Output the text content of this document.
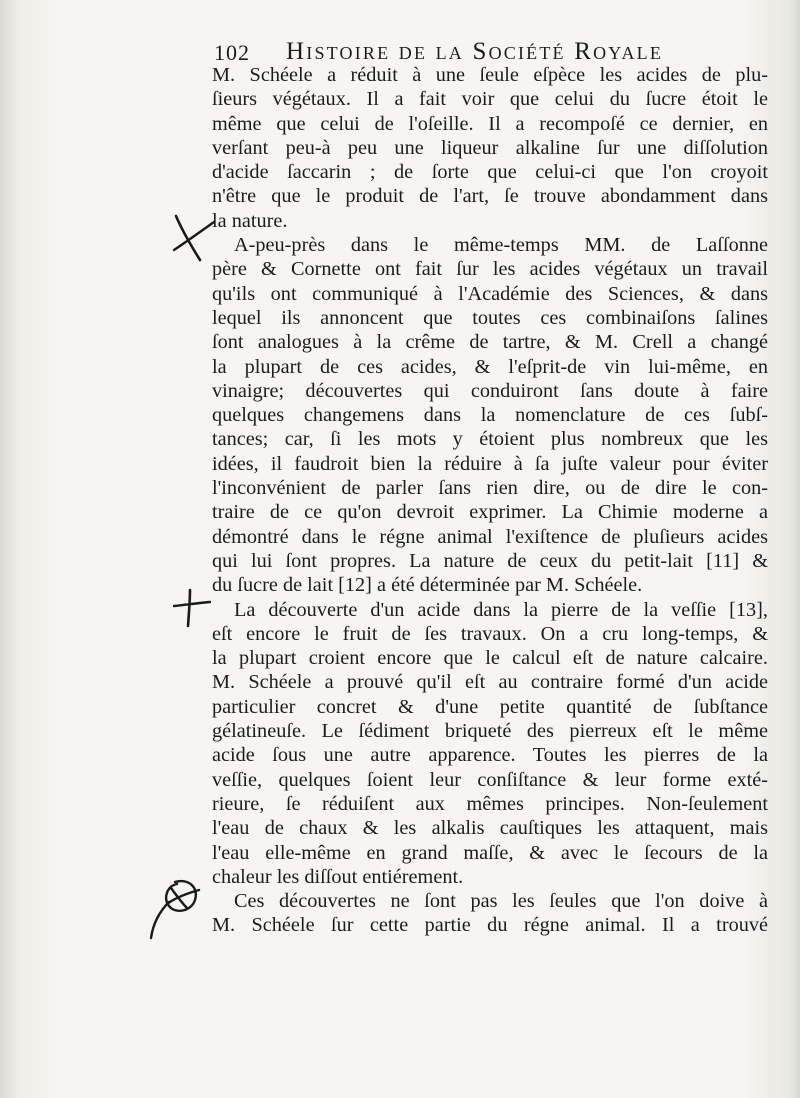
102 Histoire de la Société Royale
M. Schéele a réduit à une ſeule eſpèce les acides de plu-
ſieurs végétaux. Il a fait voir que celui du ſucre étoit le
même que celui de l'oſeille. Il a recompoſé ce dernier, en
verſant peu-à peu une liqueur alkaline ſur une diſſolution
d'acide ſaccarin ; de ſorte que celui-ci que l'on croyoit
n'être que le produit de l'art, ſe trouve abondamment dans
la nature.
A-peu-près dans le même-temps MM. de Laſſonne
père & Cornette ont fait ſur les acides végétaux un travail
qu'ils ont communiqué à l'Académie des Sciences, & dans
lequel ils annoncent que toutes ces combinaiſons ſalines
ſont analogues à la crême de tartre, & M. Crell a changé
la plupart de ces acides, & l'eſprit-de vin lui-même, en
vinaigre; découvertes qui conduiront ſans doute à faire
quelques changemens dans la nomenclature de ces ſubſ-
tances; car, ſi les mots y étoient plus nombreux que les
idées, il faudroit bien la réduire à ſa juſte valeur pour éviter
l'inconvénient de parler ſans rien dire, ou de dire le con-
traire de ce qu'on devroit exprimer. La Chimie moderne a
démontré dans le régne animal l'exiſtence de pluſieurs acides
qui lui ſont propres. La nature de ceux du petit-lait [11] &
du ſucre de lait [12] a été déterminée par M. Schéele.
La découverte d'un acide dans la pierre de la veſſie [13],
eſt encore le fruit de ſes travaux. On a cru long-temps, &
la plupart croient encore que le calcul eſt de nature calcaire.
M. Schéele a prouvé qu'il eſt au contraire formé d'un acide
particulier concret & d'une petite quantité de ſubſtance
gélatineuſe. Le ſédiment briqueté des pierreux eſt le même
acide ſous une autre apparence. Toutes les pierres de la
veſſie, quelques ſoient leur conſiſtance & leur forme exté-
rieure, ſe réduiſent aux mêmes principes. Non-ſeulement
l'eau de chaux & les alkalis cauſtiques les attaquent, mais
l'eau elle-même en grand maſſe, & avec le ſecours de la
chaleur les diſſout entiérement.
Ces découvertes ne ſont pas les ſeules que l'on doive à
M. Schéele ſur cette partie du régne animal. Il a trouvé
